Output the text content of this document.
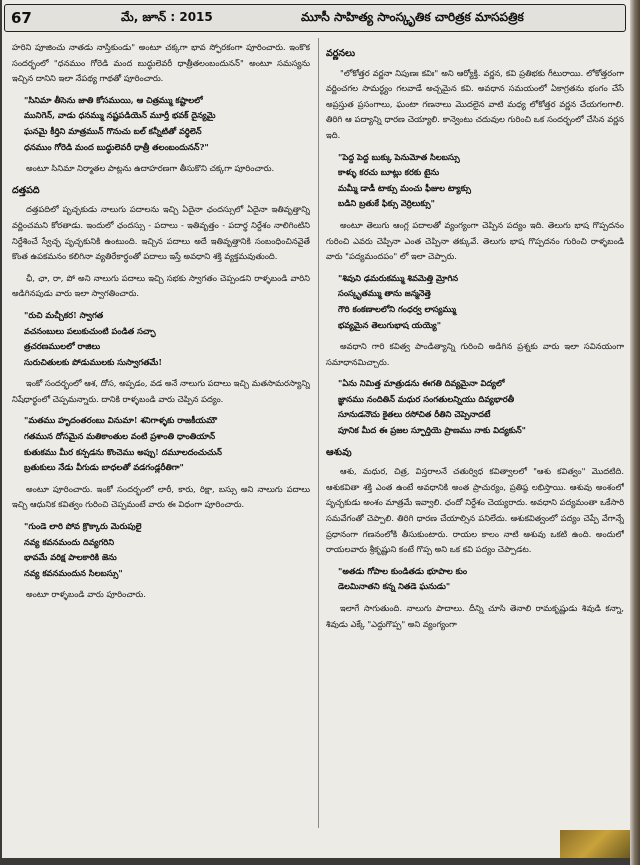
67	మే, జూన్ : 2015	మూసీ సాహిత్య సాంస్కృతిక చారిత్రక మాసపత్రిక

హరిని పూజించు నాతడు నాస్తికుండు" అంటూ చక్కగా భావ స్ఫోరకంగా పూరించారు. ఇంకొక సందర్భంలో "ధనముం గోరెడి మంద బుద్ధులెవరీ ధాత్రీతలంబందునన్" అంటూ సమస్యను ఇచ్చిన దానిని ఇలా నేపథ్య గాథతో పూరించారు.

"సినిమా తీసెను జాతి కోసముయి, ఆ చిత్రమ్ము కష్టాలలో
మునిగెన్, వాడు ధనమ్ము నష్టపడియెన్ మూర్తీ భవక్ దైన్యమై
ఘనమై కీర్తిని మాత్రమున్ గొనుచు బల్ కన్నీటితో వర్ధిలెన్
ధనముం గోరెడి మంద బుద్ధులెవరీ ధాత్రీ తలంబందునన్?"

అంటూ సినిమా నిర్మాతల పాట్లను ఉదాహరణగా తీసుకొని చక్కగా పూరించారు.

దత్తపది

దత్తపదిలో పృచ్ఛకుడు నాలుగు పదాలను ఇచ్చి ఏదైనా ఛందస్సులో ఏదైనా ఇతివృత్తాన్ని వర్ణించమని కోరతాడు. ఇందులో ఛందస్సు - పదాలు - ఇతివృత్తం - పదార్థ నిర్దేశం నాలిగింటిని నిర్దేశించే స్వేచ్ఛ పృచ్ఛకునికి ఉంటుంది. ఇచ్చిన పదాలు అదే ఇతివృత్తానికి సంబంధించినవైతే కొంత ఉపకమనం కలిగినా వ్యతిరేకార్థంతో పదాలు ఇస్తే అవధాని శక్తి వ్యక్తమవుతుంది.

ఛీ, ఛా, రా, పో అని నాలుగు పదాలు ఇచ్చి సభకు స్వాగతం చెప్పండని రాళ్ళబండి వారిని అడిగినపుడు వారు ఇలా స్వాగతించారు.

"రుచి మచ్చీకర! స్వాగత
వచనంబులు పలుకుచుంటి పండిత సచ్ఛా
త్రచరణములలో రాజిలు
సురుచితులకు పోడుములకు సుస్వాగతమే!

ఇంకో సందర్భంలో ఆశ, దోస, అప్పడం, వడ అనే నాలుగు పదాలు ఇచ్చి మతసామరస్యాన్ని నిషేధార్థంలో చెప్పమన్నారు. దానికి రాళ్ళబండి వారు చెప్పిన పద్యం.

"మతము హృదంతరంబు వినుమా! శనిగాళ్ళకు రాజకీయమౌ
గతమున దోసమైన మతికాంతుల వంటి ప్రశాంతి ధాంతియాన్
కుతుకము మీర కన్పడను కొంచెము అప్పు! దమూలదంచుచున్
బ్రతుకులు నేడు వీగుడు బాధలతో వడగండ్లరీతిగా"

అంటూ పూరించారు. ఇంకో సందర్భంలో లారీ, కారు, రిక్షా, బస్సు అని నాలుగు పదాలు ఇచ్చి ఆధునిక కవిత్వం గురించి చెప్పమంటే వారు ఈ విధంగా పూరించారు.

"గుండె లారి పోవ క్రొక్కారు మెరుపులై
నవ్య కవనమందు దివ్యగరిని
భావమే వరిక్ష పాలకారికి జెను
నవ్య కవనమందున సిలబస్సు"

అంటూ రాళ్ళబండి వారు పూరించారు.

వర్ణనలు

"లోకోత్తర వర్ణనా నిపుణః కవిః" అని ఆర్యోక్తి. వర్ణన, కవి ప్రతిభకు గీటురాయి. లోకోత్తరంగా వర్ణించగల సామర్థ్యం గలవాడే అచ్చమైన కవి. అవధాన సమయంలో ఏకాగ్రతను భంగం చేసే అప్రస్తుత ప్రసంగాలు, ఘంటా గణనాలు మొదలైన వాటి మధ్య లోకోత్తర వర్ణన చేయగలగాలి. తిరిగి ఆ పద్యాన్ని ధారణ చెయ్యాలి. కాన్వెంటు చదువుల గురించి ఒక సందర్భంలో చేసిన వర్ణన ఇది.

"పెద్ద పెద్ద బుక్కు పెనుమోత సిలబస్సు
కాళ్ళు కరచు బూట్లు కరకు టైను
మమ్మీ డాడీ టాక్సు మంచు ఫీజుల ట్యాక్సు
బడిని బ్రతుకే ఫిక్సు వెర్రిలుక్సు"

అంటూ తెలుగు ఆంగ్ల పదాలతో వ్యంగ్యంగా చెప్పిన పద్యం ఇది. తెలుగు భాష గొప్పదనం గురించి ఎవరు చెప్పినా ఎంత చెప్పినా తక్కువే. తెలుగు భాష గొప్పదనం గురించి రాళ్ళబండి వారు "పద్యమందపం" లో ఇలా చెప్పారు.

"శివుని ఢమరుకమ్ము శివమెత్తి మ్రోగిన
సంస్కృతమ్ము తాను జన్మనెత్తె
గౌరి కంకణాలలోని గంధర్వ లాస్యమ్ము
భవ్యమైన తెలుగుభాష యయ్యె"

అవధాని గారి కవిత్వ పాండిత్యాన్ని గురించి అడిగిన ప్రశ్నకు వారు ఇలా సవినయంగా సమాధానమిచ్చారు.

"ఏను నిమిత్త మాత్రుడను ఈగతి దివ్యమైనా విద్యలో
జ్ఞానము నందితిన్ మధుర సంగతులన్నియు దివ్యభారతీ
సూనుడనౌచు కైతలు రసోచిత రీతిని చెప్పెనాదటే
పూనిక మీద ఈ ప్రజల స్ఫూర్తియె ప్రాణము నాకు విద్యకున్"
ఆశువు

ఆశు, మధుర, చిత్ర, విస్తరాలనే చతుర్విధ కవిత్వాలలో "ఆశు కవిత్వం" మొదటిది. ఆశుకవితా శక్తి ఎంత ఉంటే అవధానికి అంత ప్రాచుర్యం, ప్రతిష్ఠ లభిస్తాయి. ఆశువు అంశంలో పృచ్ఛకుడు అంశం మాత్రమే ఇవ్వాలి. ఛందో నిర్దేశం చెయ్యరాదు. అవధాని పద్యమంతా ఒకేసారి సమవేగంతో చెప్పాలి. తిరిగి ధారణ చేయాల్సిన పనిలేదు. ఆశుకవిత్వంలో పద్యం చెప్పే వేగాన్నే ప్రధానంగా గణనంలోకి తీసుకుంటారు. రాయల కాలం నాటి ఆశువు ఒకటి ఉంది. అందులో రాయలవారు శ్రీకృష్ణుని కంటే గొప్ప అని ఒక కవి పద్యం చెప్పాడట.

"అతడు గోపాల కుండితడు భూపాల కుం
డెలమినాతని కన్న నితడె ఘనుడు"

ఇలాగే సాగుతుంది. నాలుగు పాదాలు. దీన్ని చూసి తెనాలి రామకృష్ణుడు శివుడి కన్నా, శివుడు ఎక్కే "ఎద్దుగొప్ప" అని వ్యంగ్యంగా
